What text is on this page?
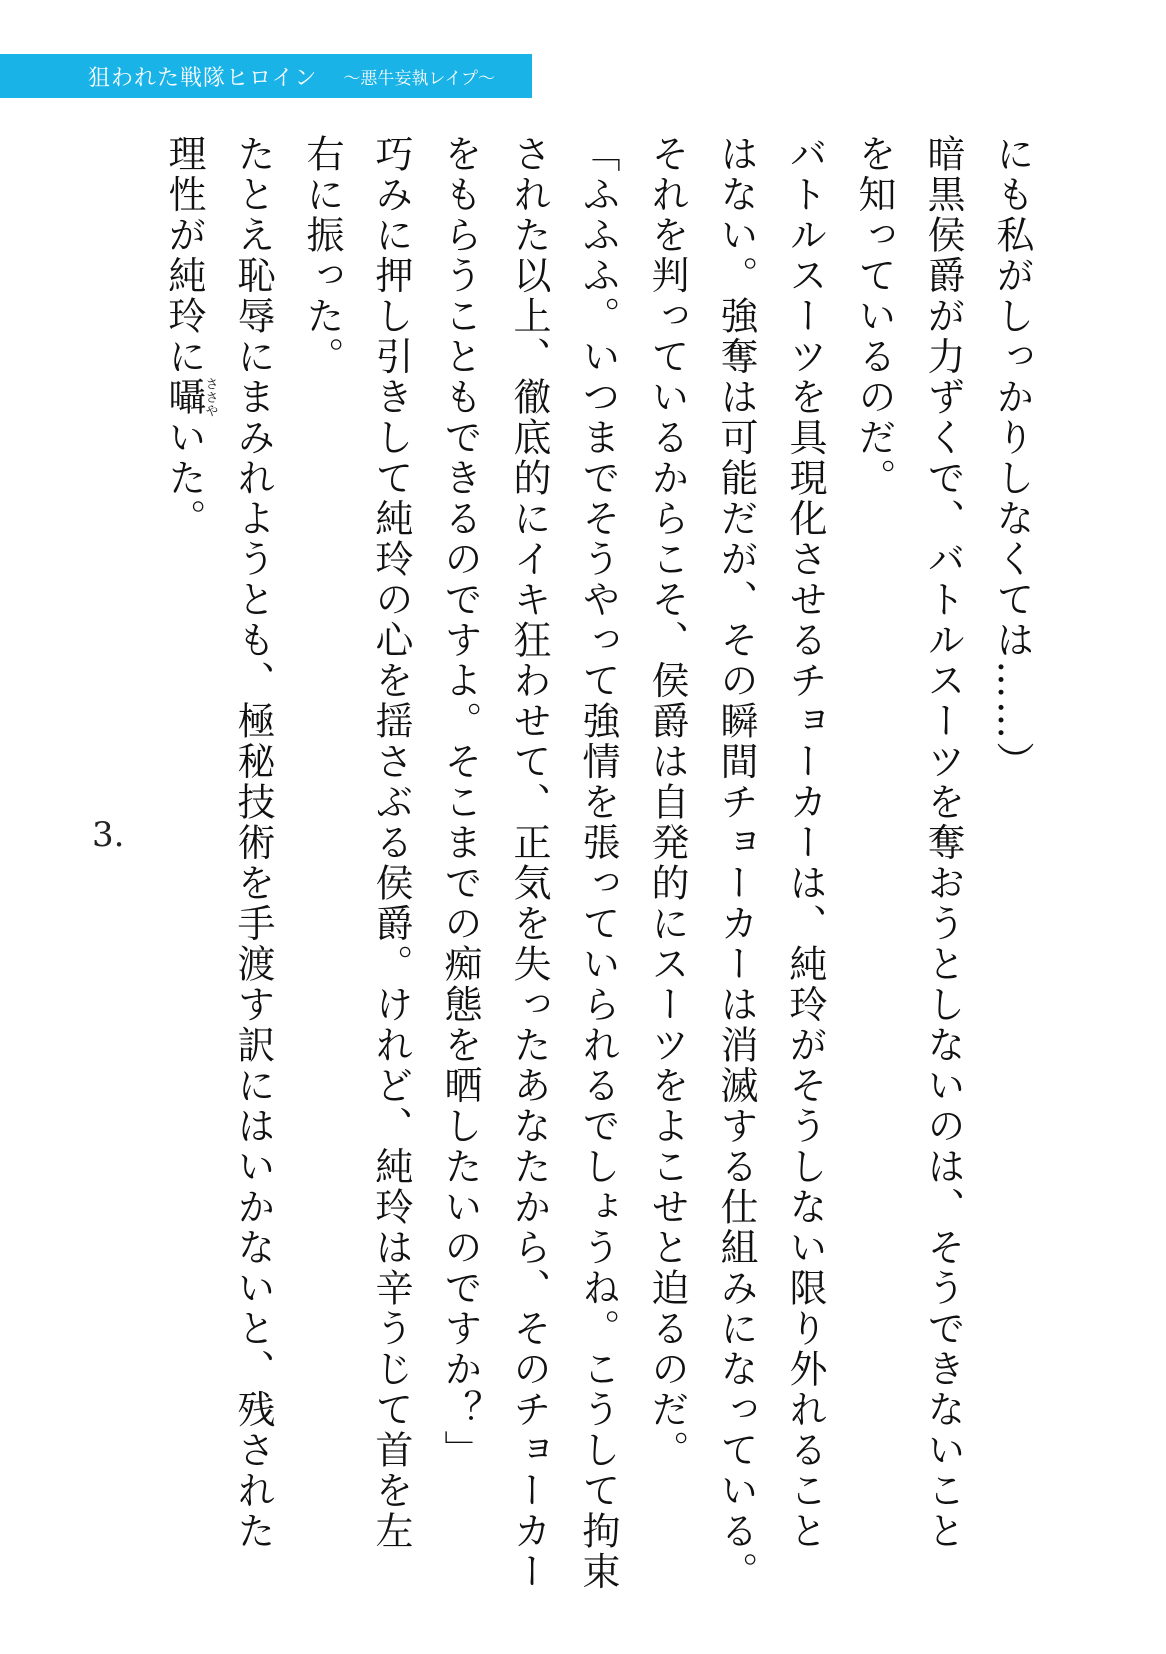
狙われた戦隊ヒロイン 〜悪牛妄執レイプ〜

にも私がしっかりしなくては……）

暗黒侯爵が力ずくで、バトルスーツを奪おうとしないのは、そうできないこと

を知っているのだ。

バトルスーツを具現化させるチョーカーは、純玲がそうしない限り外れること

はない。強奪は可能だが、その瞬間チョーカーは消滅する仕組みになっている。

それを判っているからこそ、侯爵は自発的にスーツをよこせと迫るのだ。

「ふふふ。いつまでそうやって強情を張っていられるでしょうね。こうして拘束

された以上、徹底的にイキ狂わせて、正気を失ったあなたから、そのチョーカー

をもらうこともできるのですよ。そこまでの痴態を晒したいのですか？」

巧みに押し引きして純玲の心を揺さぶる侯爵。けれど、純玲は辛うじて首を左

右に振った。

たとえ恥辱にまみれようとも、極秘技術を手渡す訳にはいかないと、残された

理性が純玲に囁ささやいた。

3.
